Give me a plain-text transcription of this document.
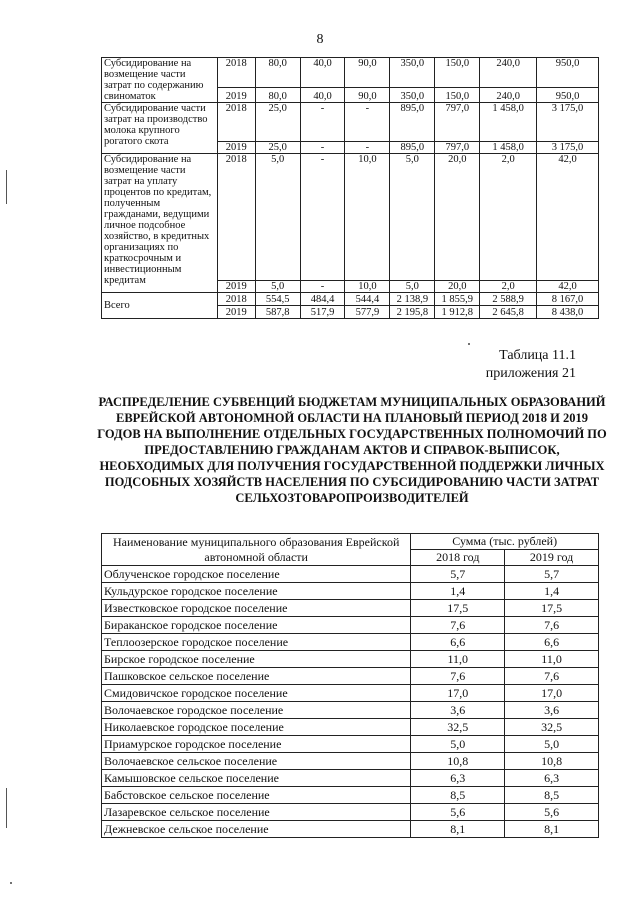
8
Субсидирование на возмещение части затрат по содержанию свиноматок	2018	80,0	40,0	90,0	350,0	150,0	240,0	950,0
	2019	80,0	40,0	90,0	350,0	150,0	240,0	950,0
Субсидирование части затрат на производство молока крупного рогатого скота	2018	25,0	-	-	895,0	797,0	1 458,0	3 175,0
	2019	25,0	-	-	895,0	797,0	1 458,0	3 175,0
Субсидирование на возмещение части затрат на уплату процентов по кредитам, полученным гражданами, ведущими личное подсобное хозяйство, в кредитных организациях по краткосрочным и инвестиционным кредитам	2018	5,0	-	10,0	5,0	20,0	2,0	42,0
	2019	5,0	-	10,0	5,0	20,0	2,0	42,0
Всего	2018	554,5	484,4	544,4	2 138,9	1 855,9	2 588,9	8 167,0
	2019	587,8	517,9	577,9	2 195,8	1 912,8	2 645,8	8 438,0
Таблица 11.1
приложения 21
РАСПРЕДЕЛЕНИЕ СУБВЕНЦИЙ БЮДЖЕТАМ МУНИЦИПАЛЬНЫХ ОБРАЗОВАНИЙ ЕВРЕЙСКОЙ АВТОНОМНОЙ ОБЛАСТИ НА ПЛАНОВЫЙ ПЕРИОД 2018 И 2019 ГОДОВ НА ВЫПОЛНЕНИЕ ОТДЕЛЬНЫХ ГОСУДАРСТВЕННЫХ ПОЛНОМОЧИЙ ПО ПРЕДОСТАВЛЕНИЮ ГРАЖДАНАМ АКТОВ И СПРАВОК-ВЫПИСОК, НЕОБХОДИМЫХ ДЛЯ ПОЛУЧЕНИЯ ГОСУДАРСТВЕННОЙ ПОДДЕРЖКИ ЛИЧНЫХ ПОДСОБНЫХ ХОЗЯЙСТВ НАСЕЛЕНИЯ ПО СУБСИДИРОВАНИЮ ЧАСТИ ЗАТРАТ СЕЛЬХОЗТОВАРОПРОИЗВОДИТЕЛЕЙ
Наименование муниципального образования Еврейской автономной области	Сумма (тыс. рублей)	
	2018 год	2019 год
Облученское городское поселение	5,7	5,7
Кульдурское городское поселение	1,4	1,4
Известковское городское поселение	17,5	17,5
Бираканское городское поселение	7,6	7,6
Теплоозерское городское поселение	6,6	6,6
Бирское городское поселение	11,0	11,0
Пашковское сельское поселение	7,6	7,6
Смидовичское городское поселение	17,0	17,0
Волочаевское городское поселение	3,6	3,6
Николаевское городское поселение	32,5	32,5
Приамурское городское поселение	5,0	5,0
Волочаевское сельское поселение	10,8	10,8
Камышовское сельское поселение	6,3	6,3
Бабстовское сельское поселение	8,5	8,5
Лазаревское сельское поселение	5,6	5,6
Дежневское сельское поселение	8,1	8,1
